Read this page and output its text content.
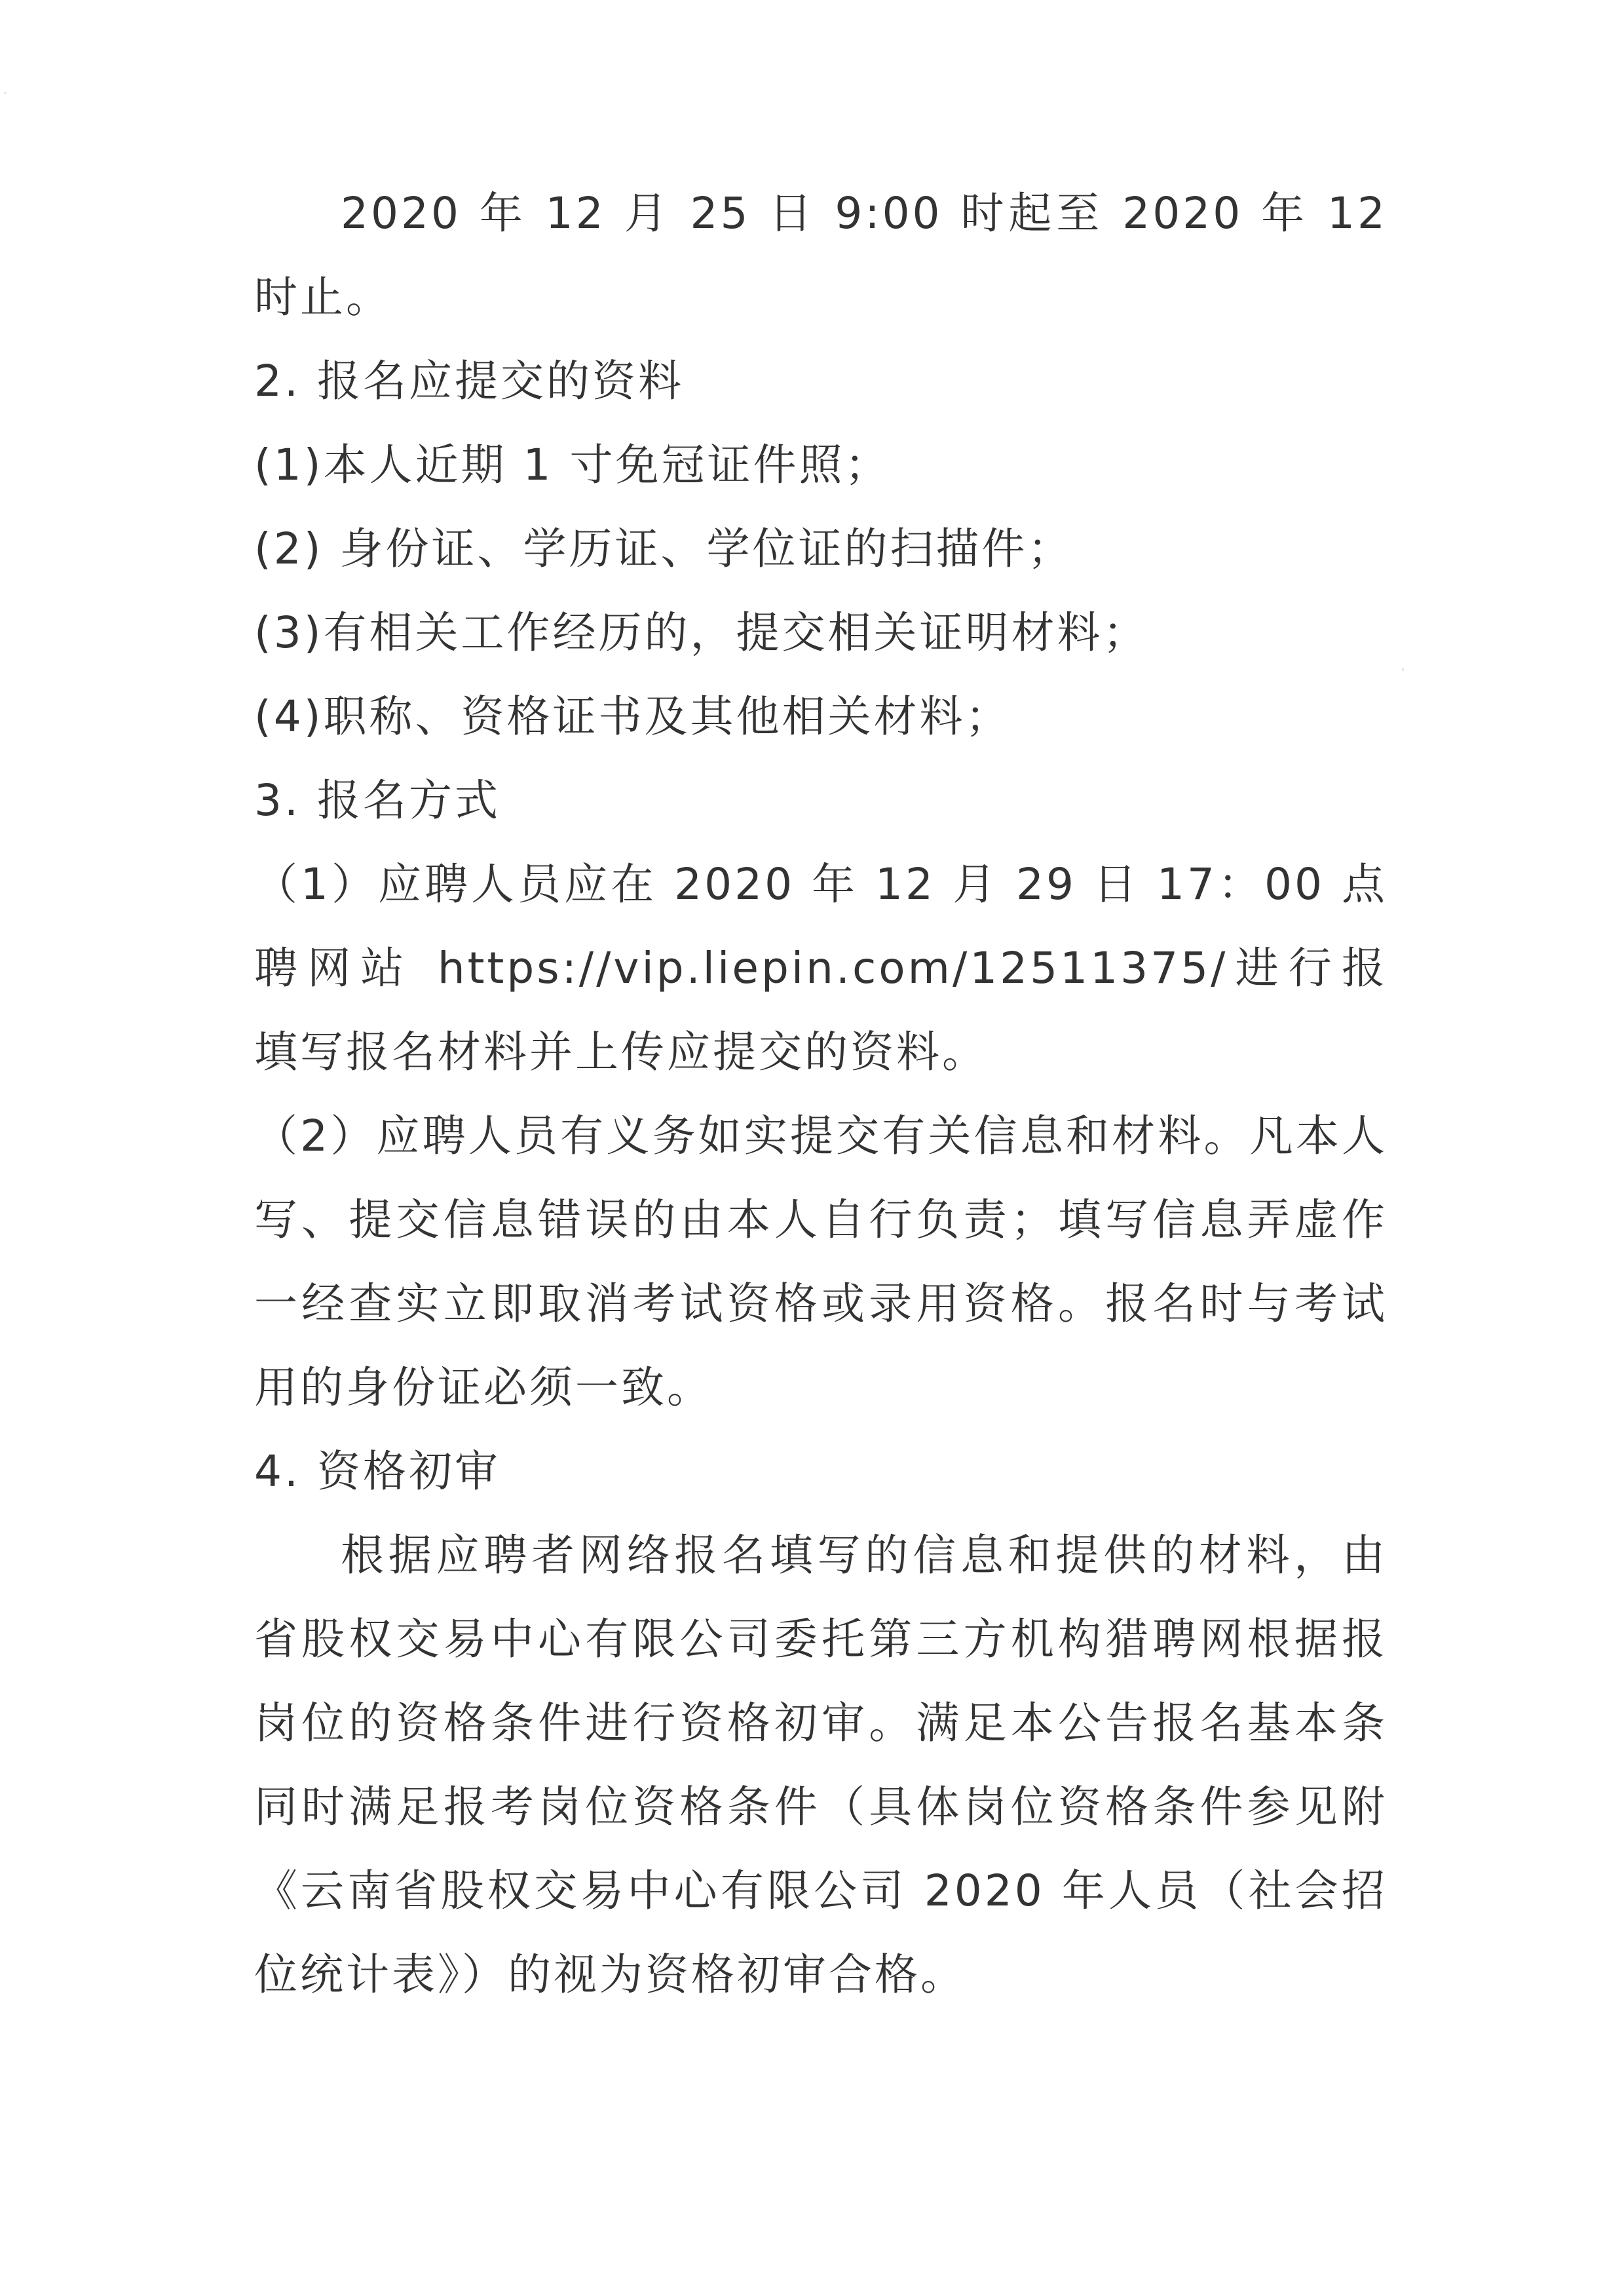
2020 年 12 月 25 日 9:00 时起至 2020 年 12
时止。
2. 报名应提交的资料
(1)本人近期 1 寸免冠证件照；
(2) 身份证、学历证、学位证的扫描件；
(3)有相关工作经历的，提交相关证明材料；
(4)职称、资格证书及其他相关材料；
3. 报名方式
（1）应聘人员应在 2020 年 12 月 29 日 17：00 点
聘网站 https://vip.liepin.com/12511375/进行报
填写报名材料并上传应提交的资料。
（2）应聘人员有义务如实提交有关信息和材料。凡本人
写、提交信息错误的由本人自行负责；填写信息弄虚作
一经查实立即取消考试资格或录用资格。报名时与考试
用的身份证必须一致。
4. 资格初审
根据应聘者网络报名填写的信息和提供的材料，由
省股权交易中心有限公司委托第三方机构猎聘网根据报
岗位的资格条件进行资格初审。满足本公告报名基本条
同时满足报考岗位资格条件（具体岗位资格条件参见附
《云南省股权交易中心有限公司 2020 年人员（社会招
位统计表》）的视为资格初审合格。
